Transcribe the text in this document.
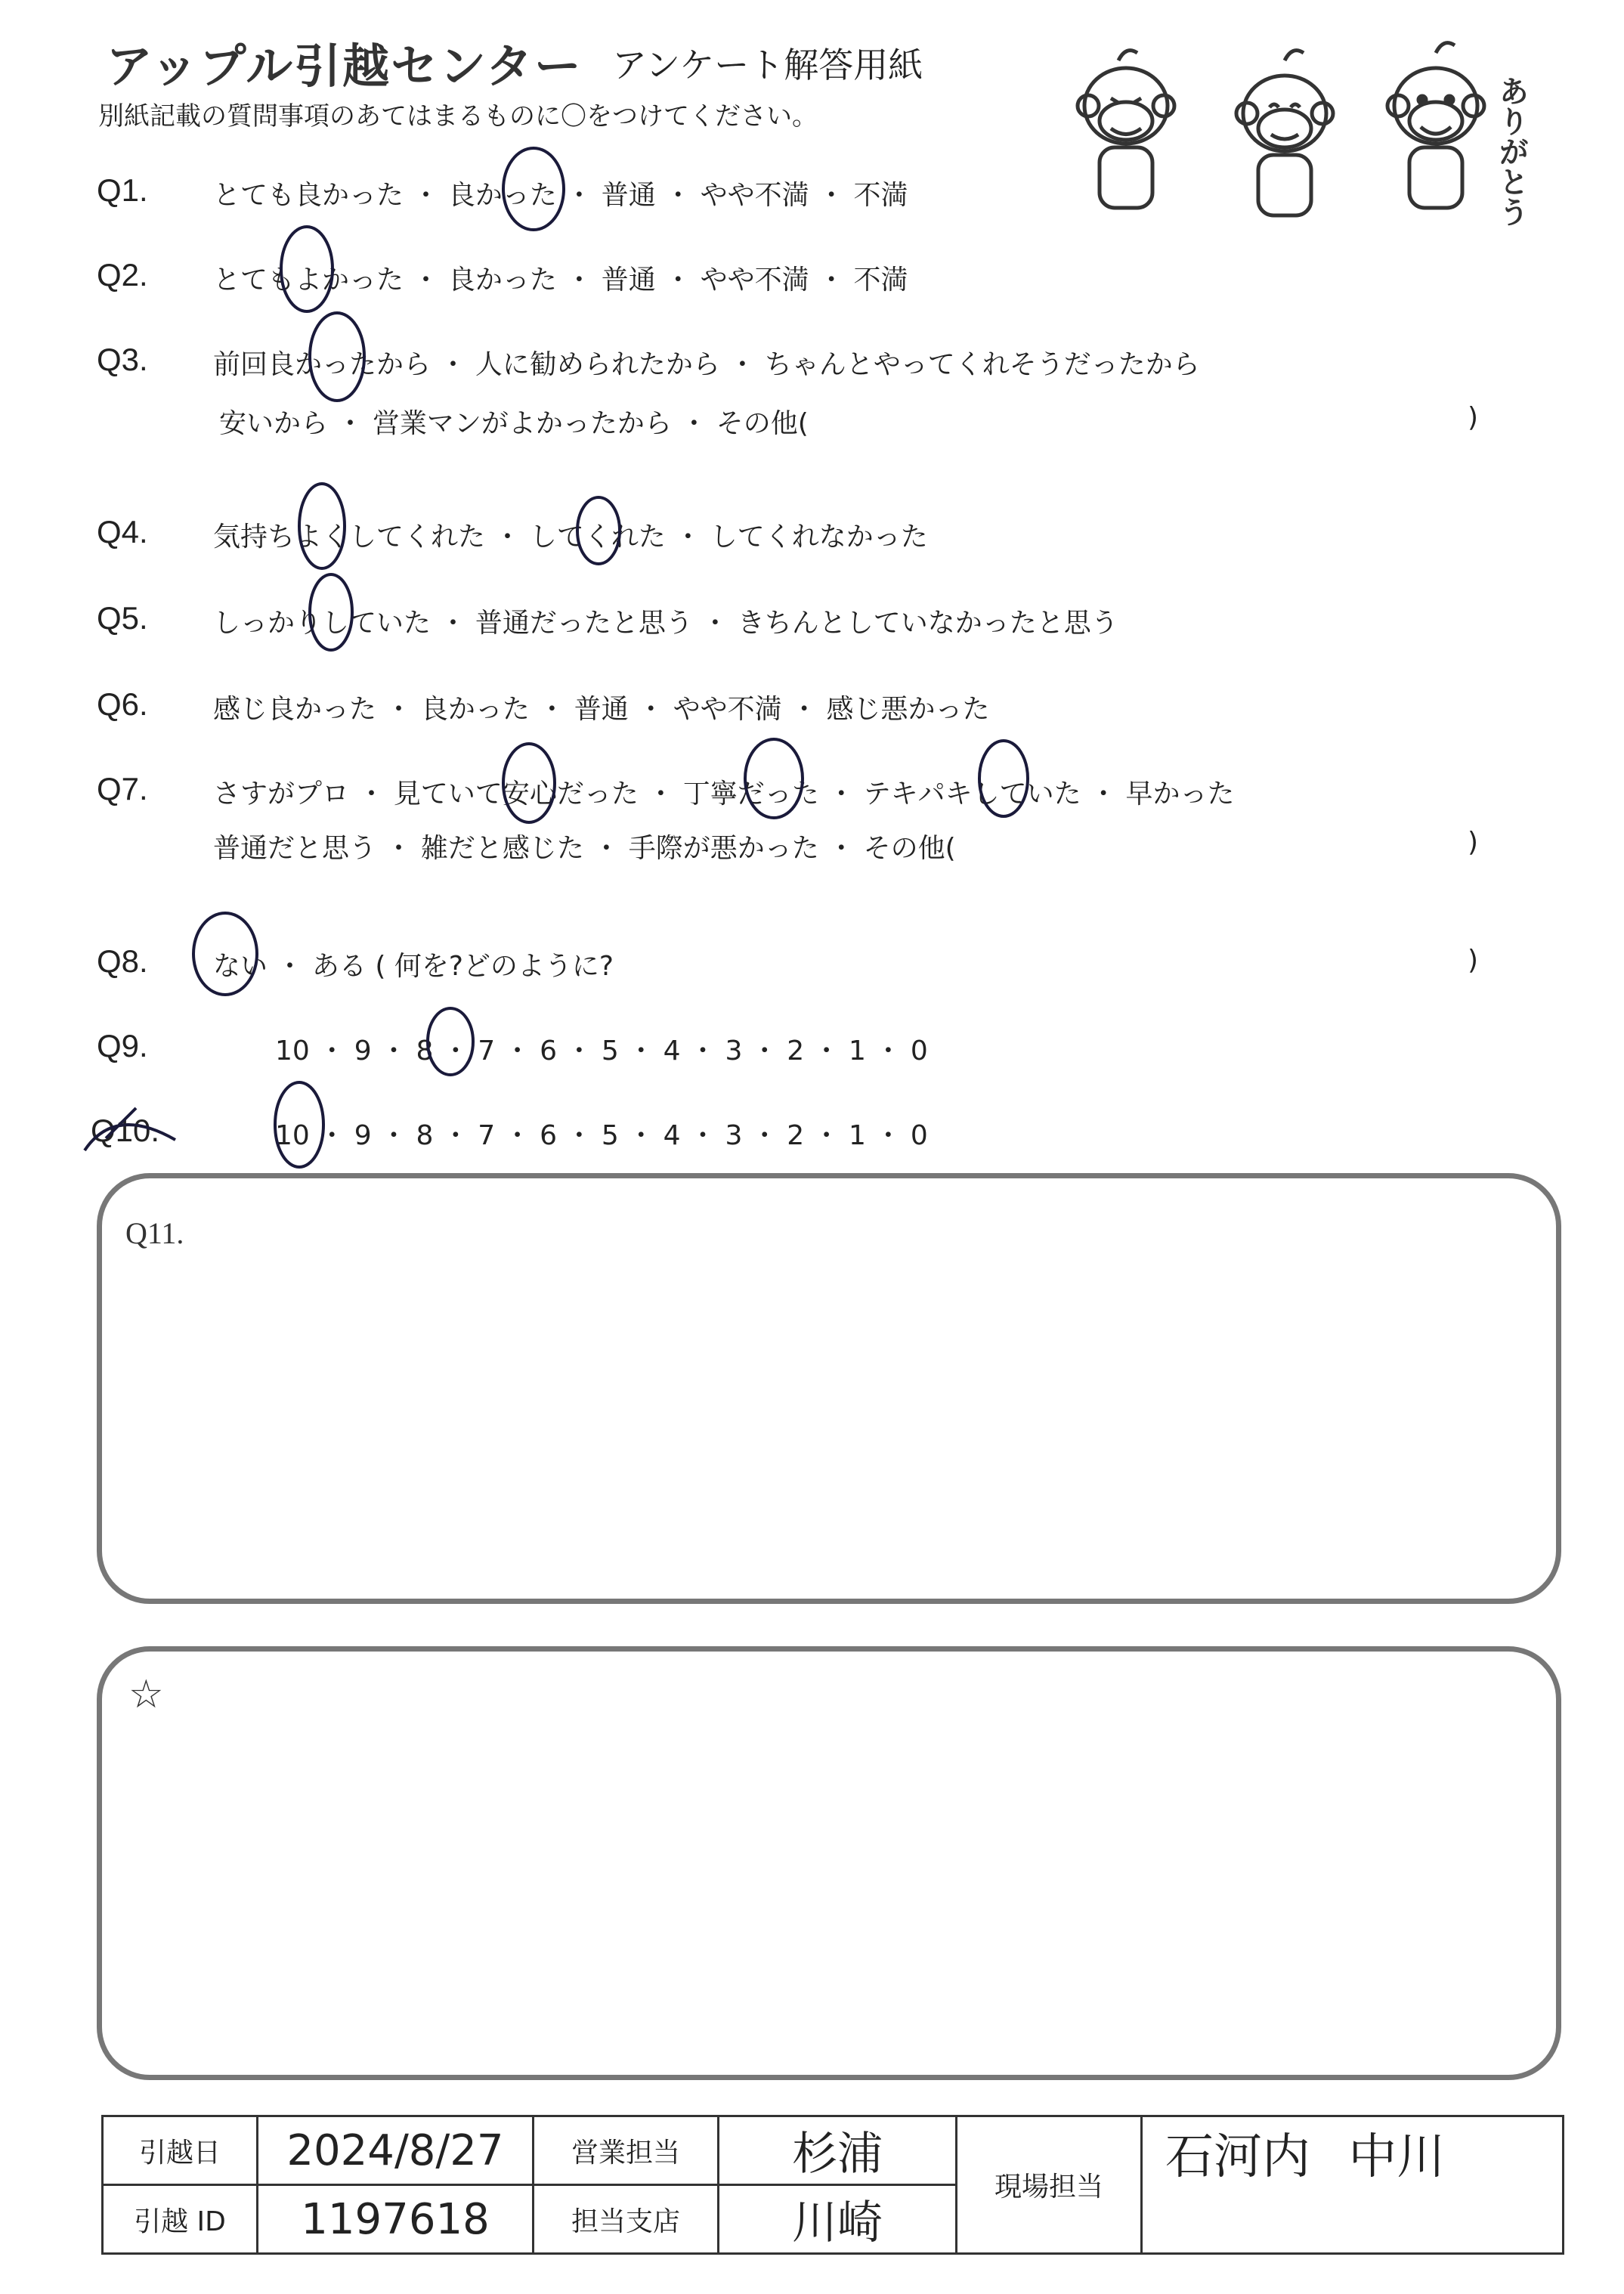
アップル引越センター アンケート解答用紙
別紙記載の質問事項のあてはまるものに〇をつけてください。	ありがとう
Q1. とても良かった ・ 良かった ・ 普通 ・ やや不満 ・ 不満
Q2. とてもよかった ・ 良かった ・ 普通 ・ やや不満 ・ 不満
Q3. 前回良かったから ・ 人に勧められたから ・ ちゃんとやってくれそうだったから
安いから ・ 営業マンがよかったから ・ その他(	)
Q4. 気持ちよくしてくれた ・ してくれた ・ してくれなかった
Q5. しっかりしていた ・ 普通だったと思う ・ きちんとしていなかったと思う
Q6. 感じ良かった ・ 良かった ・ 普通 ・ やや不満 ・ 感じ悪かった
Q7. さすがプロ ・ 見ていて安心だった ・ 丁寧だった ・ テキパキしていた ・ 早かった
普通だと思う ・ 雑だと感じた ・ 手際が悪かった ・ その他(	)
Q8. ない ・ ある ( 何を?どのように?	)
Q9.	10 ・ 9 ・ 8 ・ 7 ・ 6 ・ 5 ・ 4 ・ 3 ・ 2 ・ 1 ・ 0
Q10.	10 ・ 9 ・ 8 ・ 7 ・ 6 ・ 5 ・ 4 ・ 3 ・ 2 ・ 1 ・ 0
Q11.
☆
引越日	2024/8/27	営業担当	杉浦	現場担当	石河内 中川
引越 ID	1197618	担当支店	川崎		
